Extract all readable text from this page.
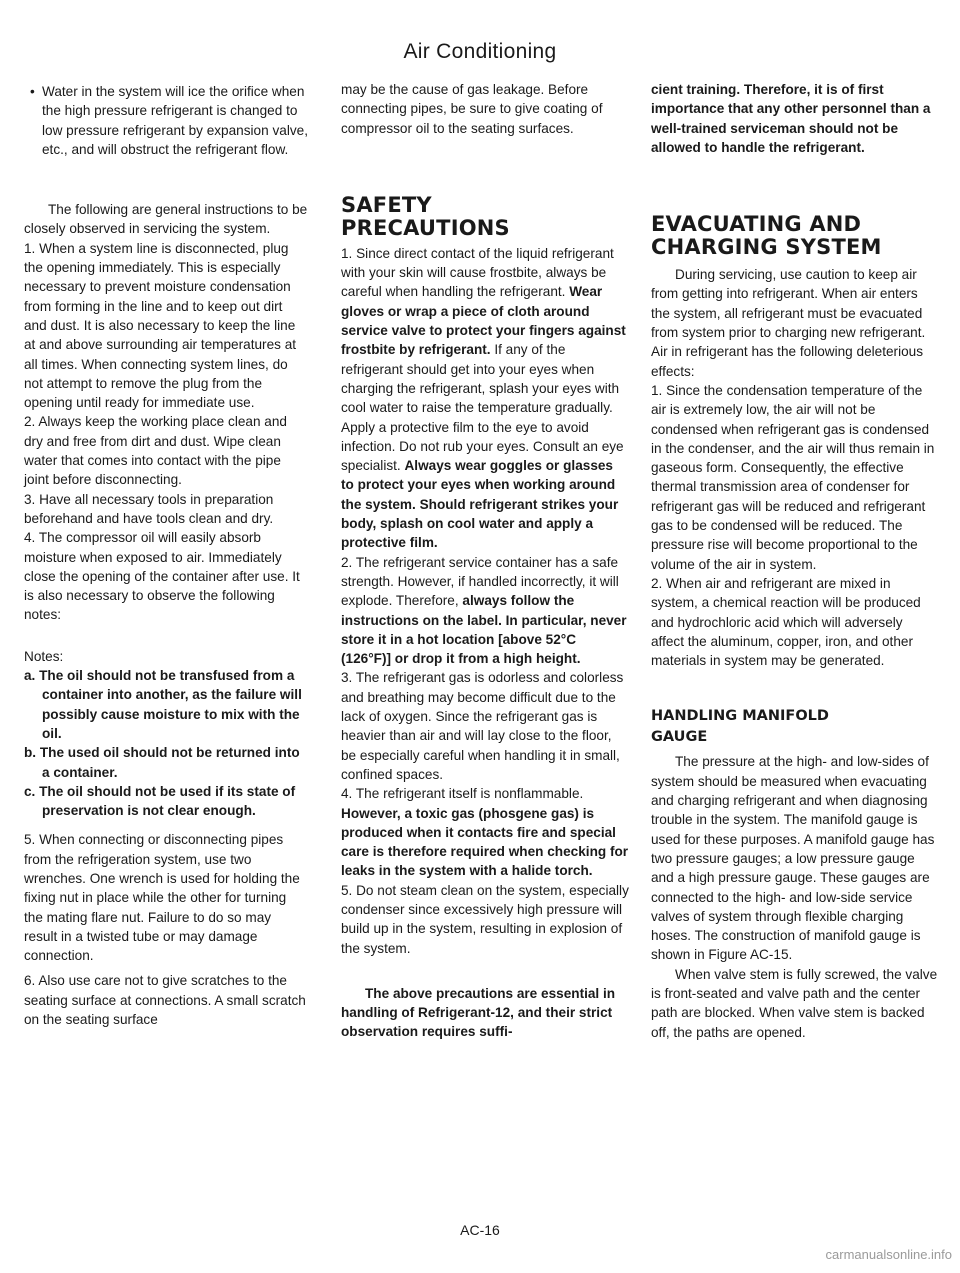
Air Conditioning

• Water in the system will ice the orifice when the high pressure refrigerant is changed to low pressure refrigerant by expansion valve, etc., and will obstruct the refrigerant flow.

The following are general instructions to be closely observed in servicing the system.

1. When a system line is disconnected, plug the opening immediately. This is especially necessary to prevent moisture condensation from forming in the line and to keep out dirt and dust. It is also necessary to keep the line at and above surrounding air temperatures at all times. When connecting system lines, do not attempt to remove the plug from the opening until ready for immediate use.

2. Always keep the working place clean and dry and free from dirt and dust. Wipe clean water that comes into contact with the pipe joint before disconnecting.

3. Have all necessary tools in preparation beforehand and have tools clean and dry.

4. The compressor oil will easily absorb moisture when exposed to air. Immediately close the opening of the container after use. It is also necessary to observe the following notes:

Notes:

a. The oil should not be transfused from a container into another, as the failure will possibly cause moisture to mix with the oil.

b. The used oil should not be returned into a container.

c. The oil should not be used if its state of preservation is not clear enough.

5. When connecting or disconnecting pipes from the refrigeration system, use two wrenches. One wrench is used for holding the fixing nut in place while the other for turning the mating flare nut. Failure to do so may result in a twisted tube or may damage connection.

6. Also use care not to give scratches to the seating surface at connections. A small scratch on the seating surface

may be the cause of gas leakage. Before connecting pipes, be sure to give coating of compressor oil to the seating surfaces.

SAFETY PRECAUTIONS

1. Since direct contact of the liquid refrigerant with your skin will cause frostbite, always be careful when handling the refrigerant. Wear gloves or wrap a piece of cloth around service valve to protect your fingers against frostbite by refrigerant. If any of the refrigerant should get into your eyes when charging the refrigerant, splash your eyes with cool water to raise the temperature gradually. Apply a protective film to the eye to avoid infection. Do not rub your eyes. Consult an eye specialist. Always wear goggles or glasses to protect your eyes when working around the system. Should refrigerant strikes your body, splash on cool water and apply a protective film.

2. The refrigerant service container has a safe strength. However, if handled incorrectly, it will explode. Therefore, always follow the instructions on the label. In particular, never store it in a hot location [above 52°C (126°F)] or drop it from a high height.

3. The refrigerant gas is odorless and colorless and breathing may become difficult due to the lack of oxygen. Since the refrigerant gas is heavier than air and will lay close to the floor, be especially careful when handling it in small, confined spaces.

4. The refrigerant itself is nonflammable. However, a toxic gas (phosgene gas) is produced when it contacts fire and special care is therefore required when checking for leaks in the system with a halide torch.

5. Do not steam clean on the system, especially condenser since excessively high pressure will build up in the system, resulting in explosion of the system.

The above precautions are essential in handling of Refrigerant-12, and their strict observation requires suffi-

cient training. Therefore, it is of first importance that any other personnel than a well-trained serviceman should not be allowed to handle the refrigerant.

EVACUATING AND CHARGING SYSTEM

During servicing, use caution to keep air from getting into refrigerant. When air enters the system, all refrigerant must be evacuated from system prior to charging new refrigerant. Air in refrigerant has the following deleterious effects:

1. Since the condensation temperature of the air is extremely low, the air will not be condensed when refrigerant gas is condensed in the condenser, and the air will thus remain in gaseous form. Consequently, the effective thermal transmission area of condenser for refrigerant gas will be reduced and refrigerant gas to be condensed will be reduced. The pressure rise will become proportional to the volume of the air in system.

2. When air and refrigerant are mixed in system, a chemical reaction will be produced and hydrochloric acid which will adversely affect the aluminum, copper, iron, and other materials in system may be generated.

HANDLING MANIFOLD GAUGE

The pressure at the high- and low-sides of system should be measured when evacuating and charging refrigerant and when diagnosing trouble in the system. The manifold gauge is used for these purposes. A manifold gauge has two pressure gauges; a low pressure gauge and a high pressure gauge. These gauges are connected to the high- and low-side service valves of system through flexible charging hoses. The construction of manifold gauge is shown in Figure AC-15.

When valve stem is fully screwed, the valve is front-seated and valve path and the center path are blocked. When valve stem is backed off, the paths are opened.

AC-16
carmanualsonline.info
